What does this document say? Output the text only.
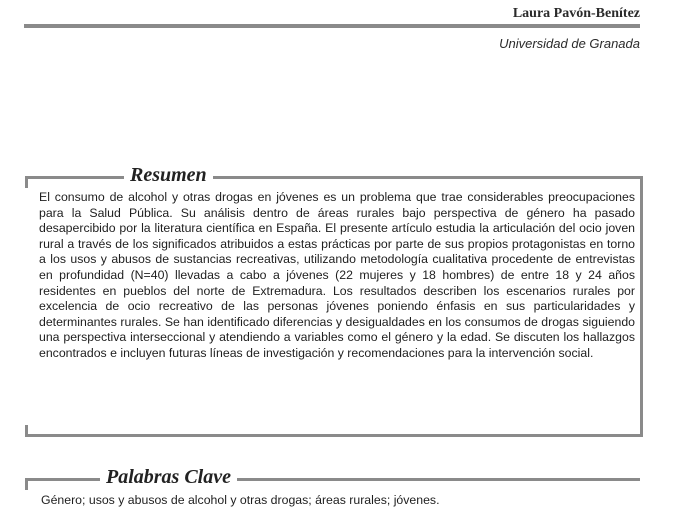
Laura Pavón-Benítez
Universidad de Granada
Resumen

El consumo de alcohol y otras drogas en jóvenes es un problema que trae considerables preocupaciones para la Salud Pública. Su análisis dentro de áreas rurales bajo perspectiva de género ha pasado desapercibido por la literatura científica en España. El presente artículo estudia la articulación del ocio joven rural a través de los significados atribuidos a estas prácticas por parte de sus propios protagonistas en torno a los usos y abusos de sustancias recreativas, utilizando metodología cualitativa procedente de entrevistas en profundidad (N=40) llevadas a cabo a jóvenes (22 mujeres y 18 hombres) de entre 18 y 24 años residentes en pueblos del norte de Extremadura. Los resultados describen los escenarios rurales por excelencia de ocio recreativo de las personas jóvenes poniendo énfasis en sus particularidades y determinantes rurales. Se han identificado diferencias y desigualdades en los consumos de drogas siguiendo una perspectiva interseccional y atendiendo a variables como el género y la edad. Se discuten los hallazgos encontrados e incluyen futuras líneas de investigación y recomendaciones para la intervención social.

Palabras Clave
Género; usos y abusos de alcohol y otras drogas; áreas rurales; jóvenes.
